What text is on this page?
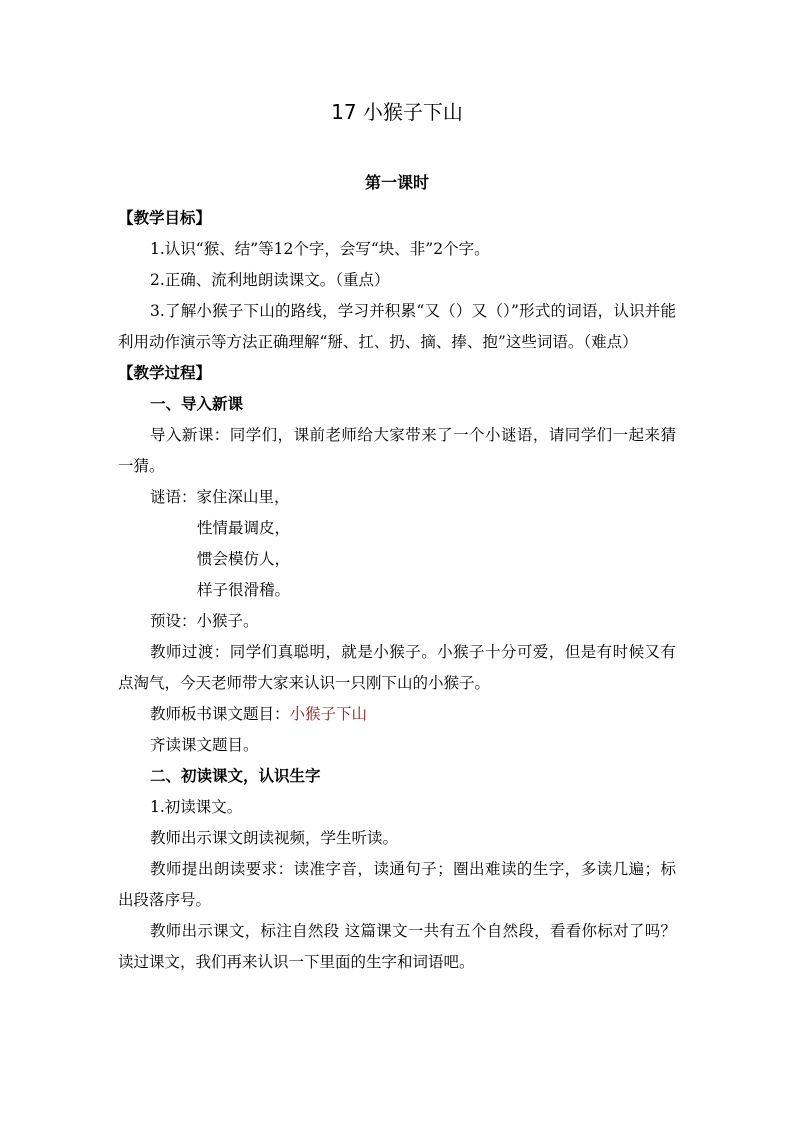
17 小猴子下山
第一课时
【教学目标】
1.认识“猴、结”等12个字，会写“块、非”2个字。
2.正确、流利地朗读课文。（重点）
3.了解小猴子下山的路线，学习并积累“又（）又（）”形式的词语，认识并能利用动作演示等方法正确理解“掰、扛、扔、摘、捧、抱”这些词语。（难点）
【教学过程】
一、导入新课
导入新课：同学们，课前老师给大家带来了一个小谜语，请同学们一起来猜一猜。
谜语：家住深山里，
性情最调皮，
惯会模仿人，
样子很滑稽。
预设：小猴子。
教师过渡：同学们真聪明，就是小猴子。小猴子十分可爱，但是有时候又有点淘气，今天老师带大家来认识一只刚下山的小猴子。
教师板书课文题目：小猴子下山
齐读课文题目。
二、初读课文，认识生字
1.初读课文。
教师出示课文朗读视频，学生听读。
教师提出朗读要求：读准字音，读通句子；圈出难读的生字，多读几遍；标出段落序号。
教师出示课文，标注自然段 这篇课文一共有五个自然段，看看你标对了吗？读过课文，我们再来认识一下里面的生字和词语吧。
